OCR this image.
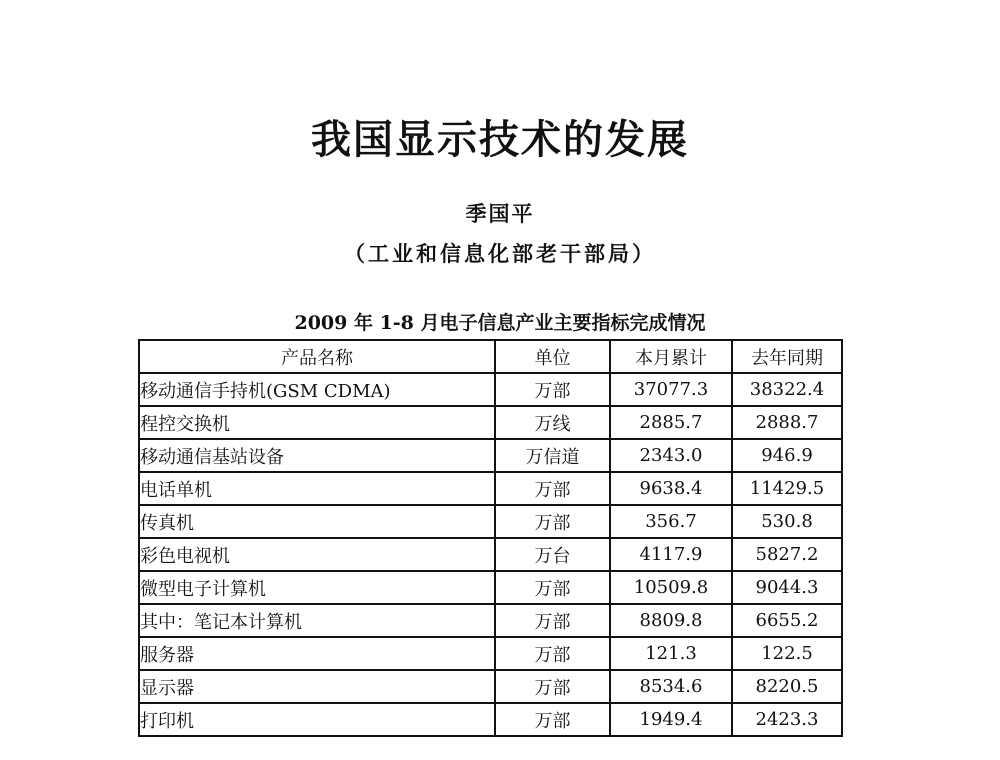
我国显示技术的发展
季国平
（工业和信息化部老干部局）
2009 年 1-8 月电子信息产业主要指标完成情况
产品名称	单位	本月累计	去年同期
移动通信手持机(GSM CDMA)	万部	37077.3	38322.4
程控交换机	万线	2885.7	2888.7
移动通信基站设备	万信道	2343.0	946.9
电话单机	万部	9638.4	11429.5
传真机	万部	356.7	530.8
彩色电视机	万台	4117.9	5827.2
微型电子计算机	万部	10509.8	9044.3
其中：笔记本计算机	万部	8809.8	6655.2
服务器	万部	121.3	122.5
显示器	万部	8534.6	8220.5
打印机	万部	1949.4	2423.3
